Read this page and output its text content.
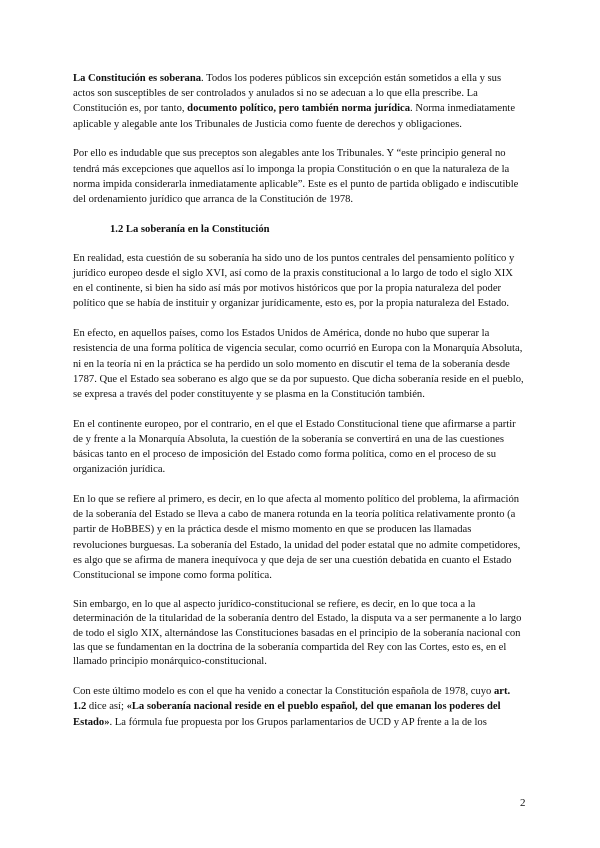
La Constitución es soberana. Todos los poderes públicos sin excepción están sometidos a ella y sus actos son susceptibles de ser controlados y anulados si no se adecuan a lo que ella prescribe. La Constitución es, por tanto, documento político, pero también norma jurídica. Norma inmediatamente aplicable y alegable ante los Tribunales de Justicia como fuente de derechos y obligaciones.

Por ello es indudable que sus preceptos son alegables ante los Tribunales. Y “este principio general no tendrá más excepciones que aquellos así lo imponga la propia Constitución o en que la naturaleza de la norma impida considerarla inmediatamente aplicable”. Este es el punto de partida obligado e indiscutible del ordenamiento jurídico que arranca de la Constitución de 1978.

1.2 La soberanía en la Constitución

En realidad, esta cuestión de su soberanía ha sido uno de los puntos centrales del pensamiento político y jurídico europeo desde el siglo XVI, así como de la praxis constitucional a lo largo de todo el siglo XIX en el continente, si bien ha sido así más por motivos históricos que por la propia naturaleza del poder político que se había de instituir y organizar jurídicamente, esto es, por la propia naturaleza del Estado.

En efecto, en aquellos países, como los Estados Unidos de América, donde no hubo que superar la resistencia de una forma política de vigencia secular, como ocurrió en Europa con la Monarquía Absoluta, ni en la teoría ni en la práctica se ha perdido un solo momento en discutir el tema de la soberanía desde 1787. Que el Estado sea soberano es algo que se da por supuesto. Que dicha soberanía reside en el pueblo, se expresa a través del poder constituyente y se plasma en la Constitución también.

En el continente europeo, por el contrario, en el que el Estado Constitucional tiene que afirmarse a partir de y frente a la Monarquía Absoluta, la cuestión de la soberanía se convertirá en una de las cuestiones básicas tanto en el proceso de imposición del Estado como forma política, como en el proceso de su organización jurídica.

En lo que se refiere al primero, es decir, en lo que afecta al momento político del problema, la afirmación de la soberanía del Estado se lleva a cabo de manera rotunda en la teoría política relativamente pronto (a partir de HoBBES) y en la práctica desde el mismo momento en que se producen las llamadas revoluciones burguesas. La soberanía del Estado, la unidad del poder estatal que no admite competidores, es algo que se afirma de manera inequívoca y que deja de ser una cuestión debatida en cuanto el Estado Constitucional se impone como forma política.

Sin embargo, en lo que al aspecto jurídico-constitucional se refiere, es decir, en lo que toca a la determinación de la titularidad de la soberanía dentro del Estado, la disputa va a ser permanente a lo largo de todo el siglo XIX, alternándose las Constituciones basadas en el principio de la soberanía nacional con las que se fundamentan en la doctrina de la soberanía compartida del Rey con las Cortes, esto es, en el llamado principio monárquico-constitucional.

Con este último modelo es con el que ha venido a conectar la Constitución española de 1978, cuyo art. 1.2 dice así; «La soberanía nacional reside en el pueblo español, del que emanan los poderes del Estado». La fórmula fue propuesta por los Grupos parlamentarios de UCD y AP frente a la de los

2
